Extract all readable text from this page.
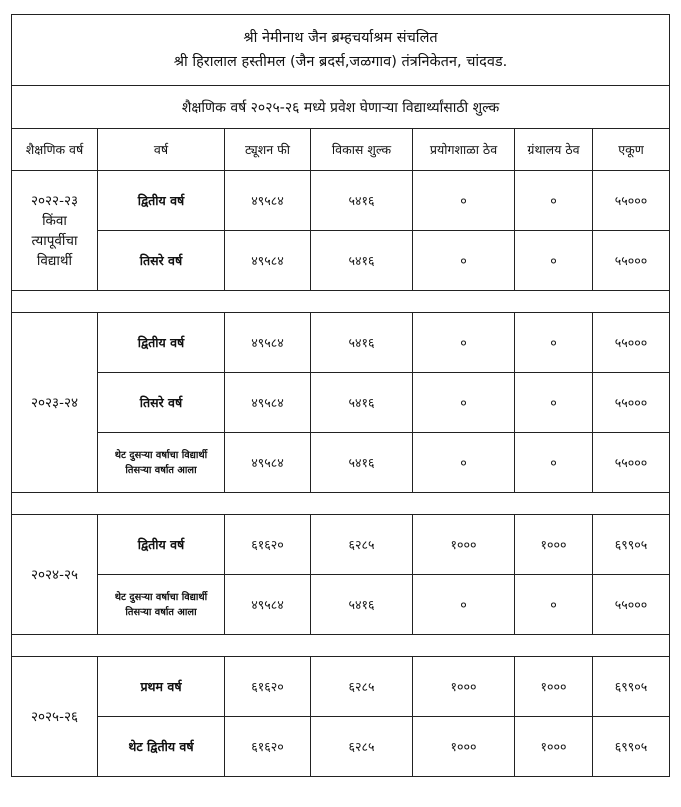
श्री नेमीनाथ जैन ब्रम्हचर्याश्रम संचलित
श्री हिरालाल हस्तीमल (जैन ब्रदर्स,जळगाव) तंत्रनिकेतन, चांदवड.						

शैक्षणिक वर्ष २०२५-२६ मध्ये प्रवेश घेणाऱ्या विद्यार्थ्यांसाठी शुल्क						
शैक्षणिक वर्ष	वर्ष	ट्यूशन फी	विकास शुल्क	प्रयोगशाळा ठेव	ग्रंथालय ठेव	एकूण

२०२२-२३
किंवा
त्यापूर्वीचा
विद्यार्थी	द्वितीय वर्ष	४९५८४	५४१६	०	०	५५०००
	तिसरे वर्ष	४९५८४	५४१६	०	०	५५०००

२०२३-२४	द्वितीय वर्ष	४९५८४	५४१६	०	०	५५०००
	तिसरे वर्ष	४९५८४	५४१६	०	०	५५०००

	थेट दुसऱ्या वर्षाचा विद्यार्थी
तिसऱ्या वर्षात आला	४९५८४	५४१६	०	०	५५०००

२०२४-२५	द्वितीय वर्ष	६१६२०	६२८५	१०००	१०००	६९९०५

	थेट दुसऱ्या वर्षाचा विद्यार्थी
तिसऱ्या वर्षात आला	४९५८४	५४१६	०	०	५५०००

२०२५-२६	प्रथम वर्ष	६१६२०	६२८५	१०००	१०००	६९९०५
	थेट द्वितीय वर्ष	६१६२०	६२८५	१०००	१०००	६९९०५
